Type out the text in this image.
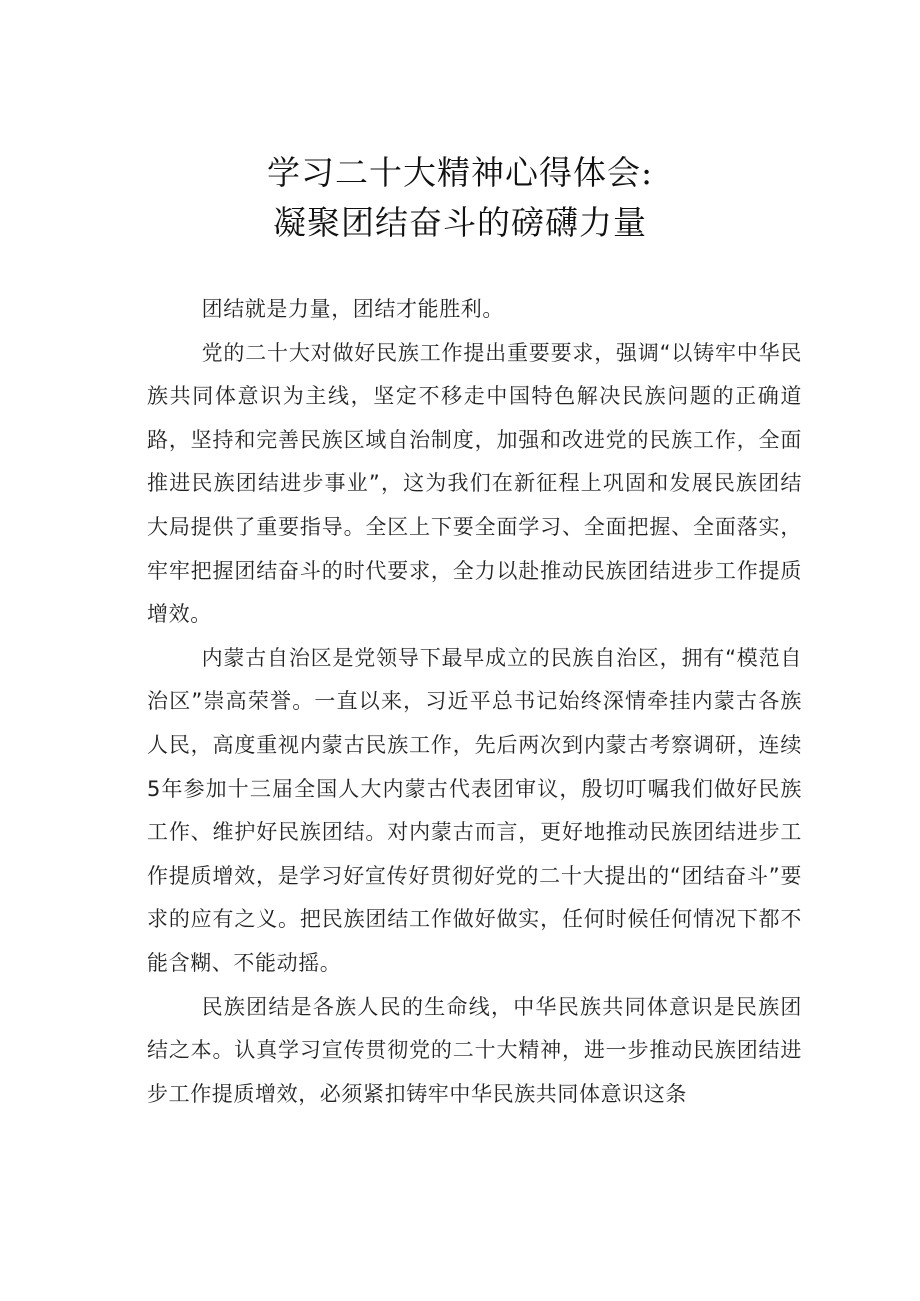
学习二十大精神心得体会:
凝聚团结奋斗的磅礴力量

团结就是力量，团结才能胜利。

党的二十大对做好民族工作提出重要要求，强调“以铸牢中华民族共同体意识为主线，坚定不移走中国特色解决民族问题的正确道路，坚持和完善民族区域自治制度，加强和改进党的民族工作，全面推进民族团结进步事业”，这为我们在新征程上巩固和发展民族团结大局提供了重要指导。全区上下要全面学习、全面把握、全面落实，牢牢把握团结奋斗的时代要求，全力以赴推动民族团结进步工作提质增效。

内蒙古自治区是党领导下最早成立的民族自治区，拥有“模范自治区”崇高荣誉。一直以来，习近平总书记始终深情牵挂内蒙古各族人民，高度重视内蒙古民族工作，先后两次到内蒙古考察调研，连续5年参加十三届全国人大内蒙古代表团审议，殷切叮嘱我们做好民族工作、维护好民族团结。对内蒙古而言，更好地推动民族团结进步工作提质增效，是学习好宣传好贯彻好党的二十大提出的“团结奋斗”要求的应有之义。把民族团结工作做好做实，任何时候任何情况下都不能含糊、不能动摇。

民族团结是各族人民的生命线，中华民族共同体意识是民族团结之本。认真学习宣传贯彻党的二十大精神，进一步推动民族团结进步工作提质增效，必须紧扣铸牢中华民族共同体意识这条
